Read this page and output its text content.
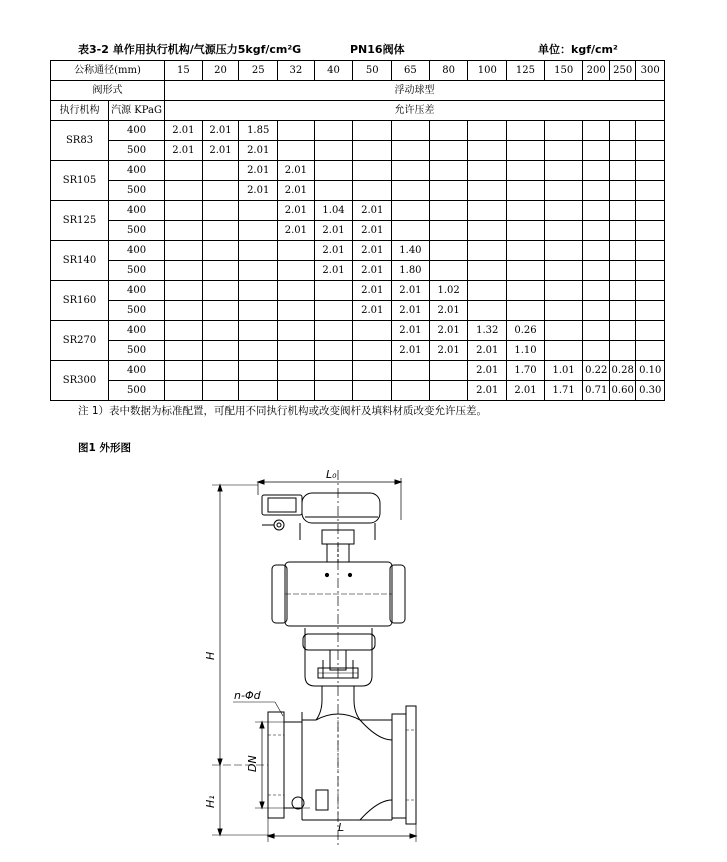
表3-2 单作用执行机构/气源压力5kgf/cm²G	PN16阀体	单位：kgf/cm²
公称通径(mm)		15	20	25	32	40	50	65	80	100	125	150	200	250	300
阀形式		浮动球型													
执行机构	汽源 KPaG	允许压差													
SR83	400	2.01	2.01	1.85											
	500	2.01	2.01	2.01											
SR105	400			2.01	2.01										
	500			2.01	2.01										
SR125	400				2.01	1.04	2.01								
	500				2.01	2.01	2.01								
SR140	400					2.01	2.01	1.40							
	500					2.01	2.01	1.80							
SR160	400						2.01	2.01	1.02						
	500						2.01	2.01	2.01						
SR270	400							2.01	2.01	1.32	0.26				
	500							2.01	2.01	2.01	1.10				
SR300	400									2.01	1.70	1.01	0.22	0.28	0.10
	500									2.01	2.01	1.71	0.71	0.60	0.30
注 1）表中数据为标准配置，可配用不同执行机构或改变阀杆及填料材质改变允许压差。
图1 外形图
L₀
H
n-Φd
DN
H₁
L
